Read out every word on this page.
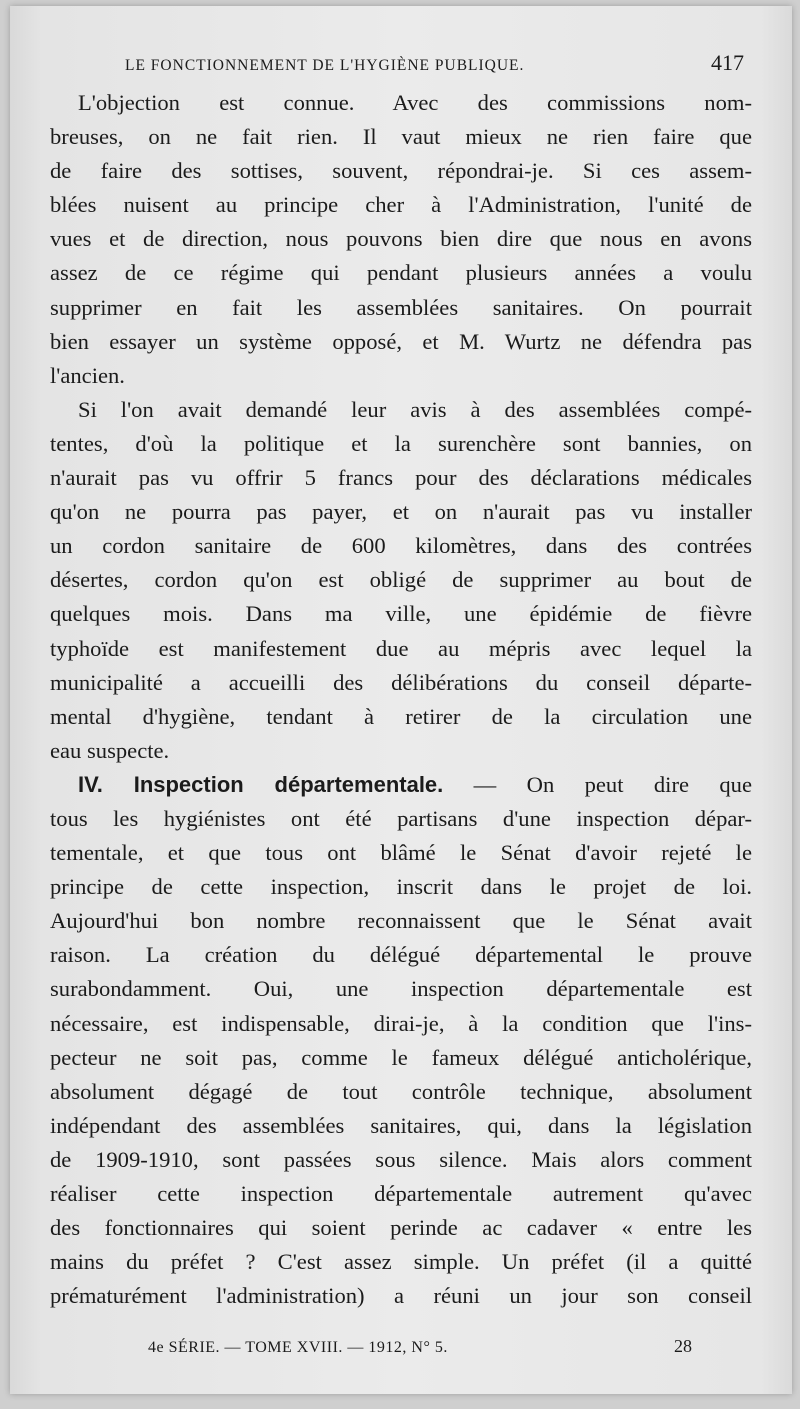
LE FONCTIONNEMENT DE L'HYGIÈNE PUBLIQUE.	417

L'objection est connue. Avec des commissions nom-
breuses, on ne fait rien. Il vaut mieux ne rien faire que
de faire des sottises, souvent, répondrai-je. Si ces assem-
blées nuisent au principe cher à l'Administration, l'unité de
vues et de direction, nous pouvons bien dire que nous en avons
assez de ce régime qui pendant plusieurs années a voulu
supprimer en fait les assemblées sanitaires. On pourrait
bien essayer un système opposé, et M. Wurtz ne défendra pas
l'ancien.

Si l'on avait demandé leur avis à des assemblées compé-
tentes, d'où la politique et la surenchère sont bannies, on
n'aurait pas vu offrir 5 francs pour des déclarations médicales
qu'on ne pourra pas payer, et on n'aurait pas vu installer
un cordon sanitaire de 600 kilomètres, dans des contrées
désertes, cordon qu'on est obligé de supprimer au bout de
quelques mois. Dans ma ville, une épidémie de fièvre
typhoïde est manifestement due au mépris avec lequel la
municipalité a accueilli des délibérations du conseil départe-
mental d'hygiène, tendant à retirer de la circulation une
eau suspecte.

IV. Inspection départementale. — On peut dire que
tous les hygiénistes ont été partisans d'une inspection dépar-
tementale, et que tous ont blâmé le Sénat d'avoir rejeté le
principe de cette inspection, inscrit dans le projet de loi.
Aujourd'hui bon nombre reconnaissent que le Sénat avait
raison. La création du délégué départemental le prouve
surabondamment. Oui, une inspection départementale est
nécessaire, est indispensable, dirai-je, à la condition que l'ins-
pecteur ne soit pas, comme le fameux délégué anticholérique,
absolument dégagé de tout contrôle technique, absolument
indépendant des assemblées sanitaires, qui, dans la législation
de 1909-1910, sont passées sous silence. Mais alors comment
réaliser cette inspection départementale autrement qu'avec
des fonctionnaires qui soient perinde ac cadaver « entre les
mains du préfet ? C'est assez simple. Un préfet (il a quitté
prématurément l'administration) a réuni un jour son conseil

4e SÉRIE. — TOME XVIII. — 1912, N° 5.	28
